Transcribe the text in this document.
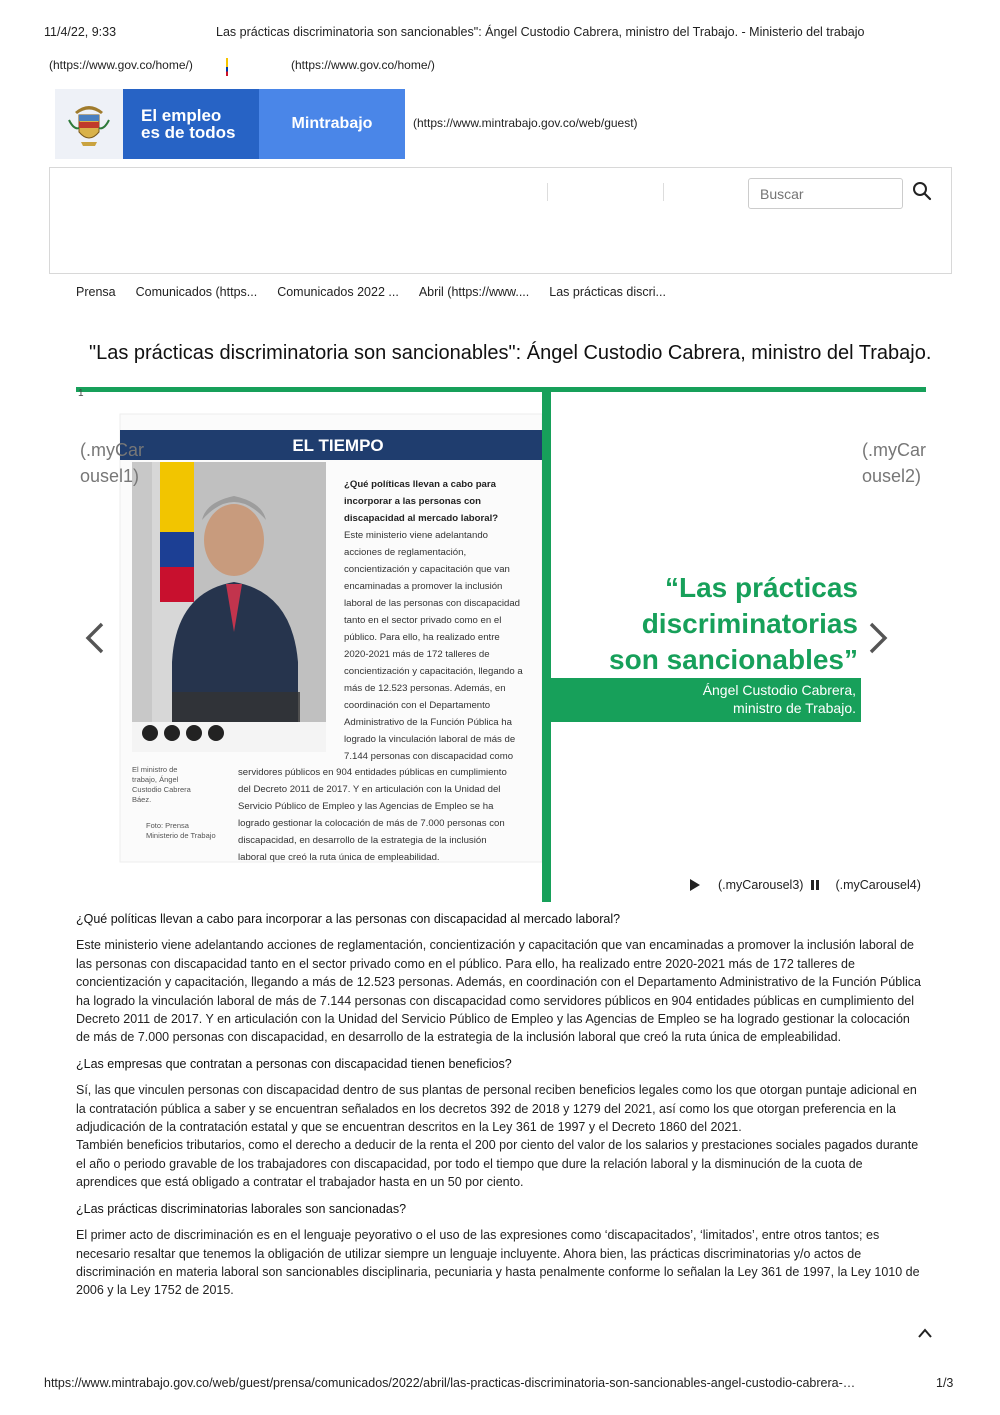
11/4/22, 9:33	Las prácticas discriminatoria son sancionables": Ángel Custodio Cabrera, ministro del Trabajo. - Ministerio del trabajo
(https://www.gov.co/home/)	(https://www.gov.co/home/)
El empleo
es de todos	Mintrabajo	(https://www.mintrabajo.gov.co/web/guest)
Buscar
Prensa Comunicados (https... Comunicados 2022 ... Abril (https://www.... Las prácticas discri...
"Las prácticas discriminatoria son sancionables": Ángel Custodio Cabrera, ministro del Trabajo.
1
EL TIEMPO
¿Qué políticas llevan a cabo para
incorporar a las personas con
discapacidad al mercado laboral?
Este ministerio viene adelantando
acciones de reglamentación,
concientización y capacitación que van
encaminadas a promover la inclusión
laboral de las personas con discapacidad
tanto en el sector privado como en el
público. Para ello, ha realizado entre
2020-2021 más de 172 talleres de
concientización y capacitación, llegando a
más de 12.523 personas. Además, en
coordinación con el Departamento
Administrativo de la Función Pública ha
logrado la vinculación laboral de más de
7.144 personas con discapacidad como
servidores públicos en 904 entidades públicas en cumplimiento
del Decreto 2011 de 2017. Y en articulación con la Unidad del
Servicio Público de Empleo y las Agencias de Empleo se ha
logrado gestionar la colocación de más de 7.000 personas con
discapacidad, en desarrollo de la estrategia de la inclusión
laboral que creó la ruta única de empleabilidad.
El ministro de
trabajo, Ángel
Custodio Cabrera
Báez.
Foto: Prensa
Ministerio de Trabajo
“Las prácticas
discriminatorias
son sancionables”
Ángel Custodio Cabrera,
ministro de Trabajo.
(.myCar
ousel1)
(.myCar
ousel2)
(.myCarousel3)	(.myCarousel4)
¿Qué políticas llevan a cabo para incorporar a las personas con discapacidad al mercado laboral?

Este ministerio viene adelantando acciones de reglamentación, concientización y capacitación que van encaminadas a promover la inclusión laboral de las personas con discapacidad tanto en el sector privado como en el público. Para ello, ha realizado entre 2020-2021 más de 172 talleres de concientización y capacitación, llegando a más de 12.523 personas. Además, en coordinación con el Departamento Administrativo de la Función Pública ha logrado la vinculación laboral de más de 7.144 personas con discapacidad como servidores públicos en 904 entidades públicas en cumplimiento del Decreto 2011 de 2017. Y en articulación con la Unidad del Servicio Público de Empleo y las Agencias de Empleo se ha logrado gestionar la colocación de más de 7.000 personas con discapacidad, en desarrollo de la estrategia de la inclusión laboral que creó la ruta única de empleabilidad.

¿Las empresas que contratan a personas con discapacidad tienen beneficios?

Sí, las que vinculen personas con discapacidad dentro de sus plantas de personal reciben beneficios legales como los que otorgan puntaje adicional en la contratación pública a saber y se encuentran señalados en los decretos 392 de 2018 y 1279 del 2021, así como los que otorgan preferencia en la adjudicación de la contratación estatal y que se encuentran descritos en la Ley 361 de 1997 y el Decreto 1860 del 2021.

También beneficios tributarios, como el derecho a deducir de la renta el 200 por ciento del valor de los salarios y prestaciones sociales pagados durante el año o periodo gravable de los trabajadores con discapacidad, por todo el tiempo que dure la relación laboral y la disminución de la cuota de aprendices que está obligado a contratar el trabajador hasta en un 50 por ciento.

¿Las prácticas discriminatorias laborales son sancionadas?

El primer acto de discriminación es en el lenguaje peyorativo o el uso de las expresiones como ‘discapacitados’, ‘limitados’, entre otros tantos; es necesario resaltar que tenemos la obligación de utilizar siempre un lenguaje incluyente. Ahora bien, las prácticas discriminatorias y/o actos de discriminación en materia laboral son sancionables disciplinaria, pecuniaria y hasta penalmente conforme lo señalan la Ley 361 de 1997, la Ley 1010 de 2006 y la Ley 1752 de 2015.

https://www.mintrabajo.gov.co/web/guest/prensa/comunicados/2022/abril/las-practicas-discriminatoria-son-sancionables-angel-custodio-cabrera-…	1/3
